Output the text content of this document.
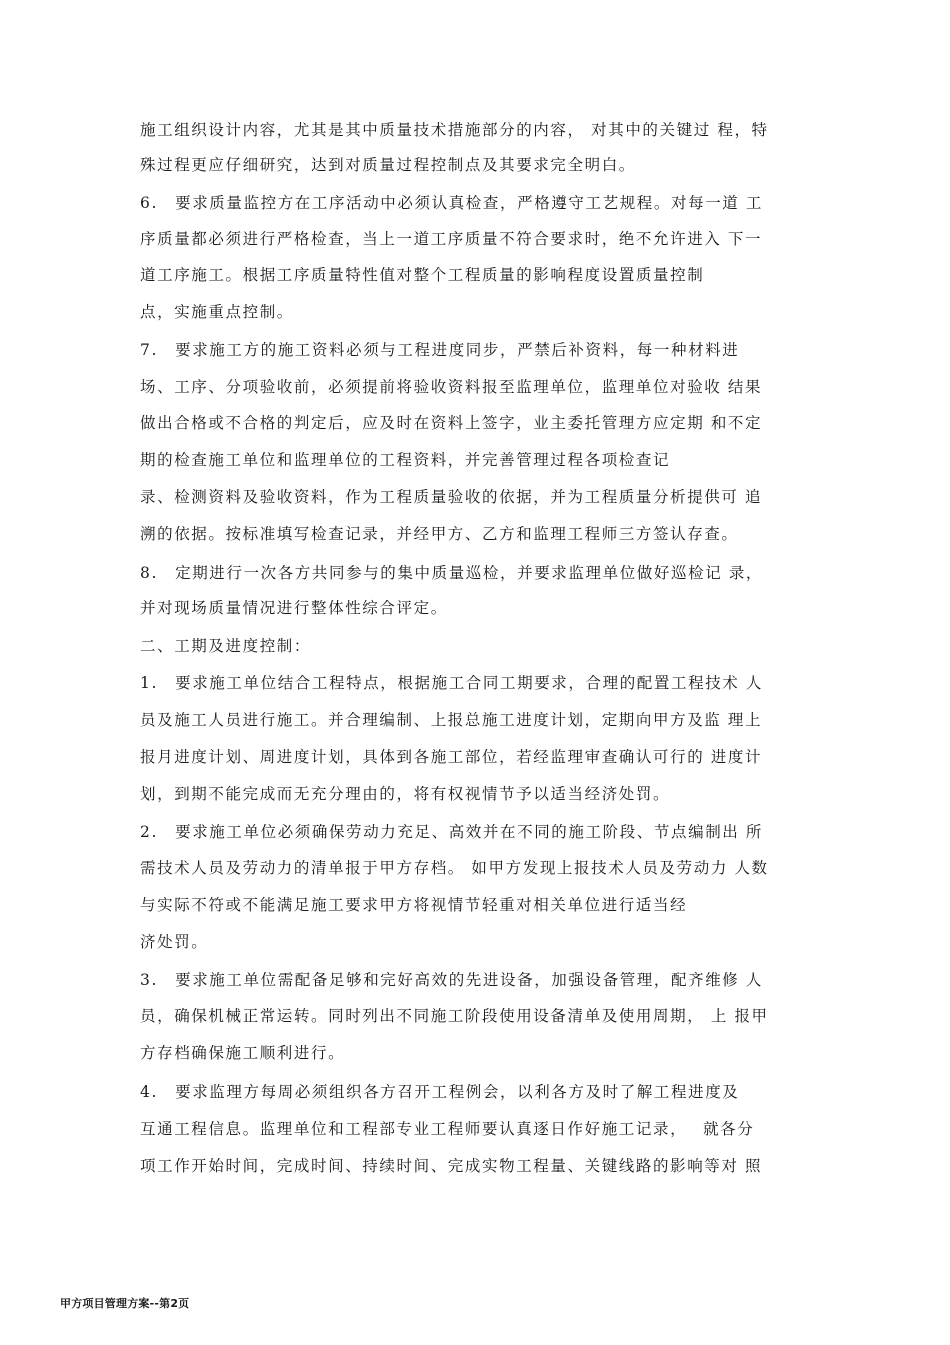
施工组织设计内容，尤其是其中质量技术措施部分的内容， 对其中的关键过 程，特
殊过程更应仔细研究，达到对质量过程控制点及其要求完全明白。
6.　要求质量监控方在工序活动中必须认真检查，严格遵守工艺规程。对每一道 工
序质量都必须进行严格检查，当上一道工序质量不符合要求时，绝不允许进入 下一
道工序施工。根据工序质量特性值对整个工程质量的影响程度设置质量控制
点，实施重点控制。
7.　要求施工方的施工资料必须与工程进度同步，严禁后补资料，每一种材料进
场、工序、分项验收前，必须提前将验收资料报至监理单位，监理单位对验收 结果
做出合格或不合格的判定后，应及时在资料上签字，业主委托管理方应定期 和不定
期的检查施工单位和监理单位的工程资料，并完善管理过程各项检查记
录、检测资料及验收资料，作为工程质量验收的依据，并为工程质量分析提供可 追
溯的依据。按标准填写检查记录，并经甲方、乙方和监理工程师三方签认存查。
8.　定期进行一次各方共同参与的集中质量巡检，并要求监理单位做好巡检记 录，
并对现场质量情况进行整体性综合评定。
二、工期及进度控制：
1.　要求施工单位结合工程特点，根据施工合同工期要求，合理的配置工程技术 人
员及施工人员进行施工。并合理编制、上报总施工进度计划，定期向甲方及监 理上
报月进度计划、周进度计划，具体到各施工部位，若经监理审查确认可行的 进度计
划，到期不能完成而无充分理由的，将有权视情节予以适当经济处罚。
2.　要求施工单位必须确保劳动力充足、高效并在不同的施工阶段、节点编制出 所
需技术人员及劳动力的清单报于甲方存档。 如甲方发现上报技术人员及劳动力 人数
与实际不符或不能满足施工要求甲方将视情节轻重对相关单位进行适当经
济处罚。
3.　要求施工单位需配备足够和完好高效的先进设备，加强设备管理，配齐维修 人
员，确保机械正常运转。同时列出不同施工阶段使用设备清单及使用周期， 上 报甲
方存档确保施工顺利进行。
4.　要求监理方每周必须组织各方召开工程例会，以利各方及时了解工程进度及
互通工程信息。监理单位和工程部专业工程师要认真逐日作好施工记录，　 就各分
项工作开始时间，完成时间、持续时间、完成实物工程量、关键线路的影响等对 照
甲方项目管理方案--第2页
